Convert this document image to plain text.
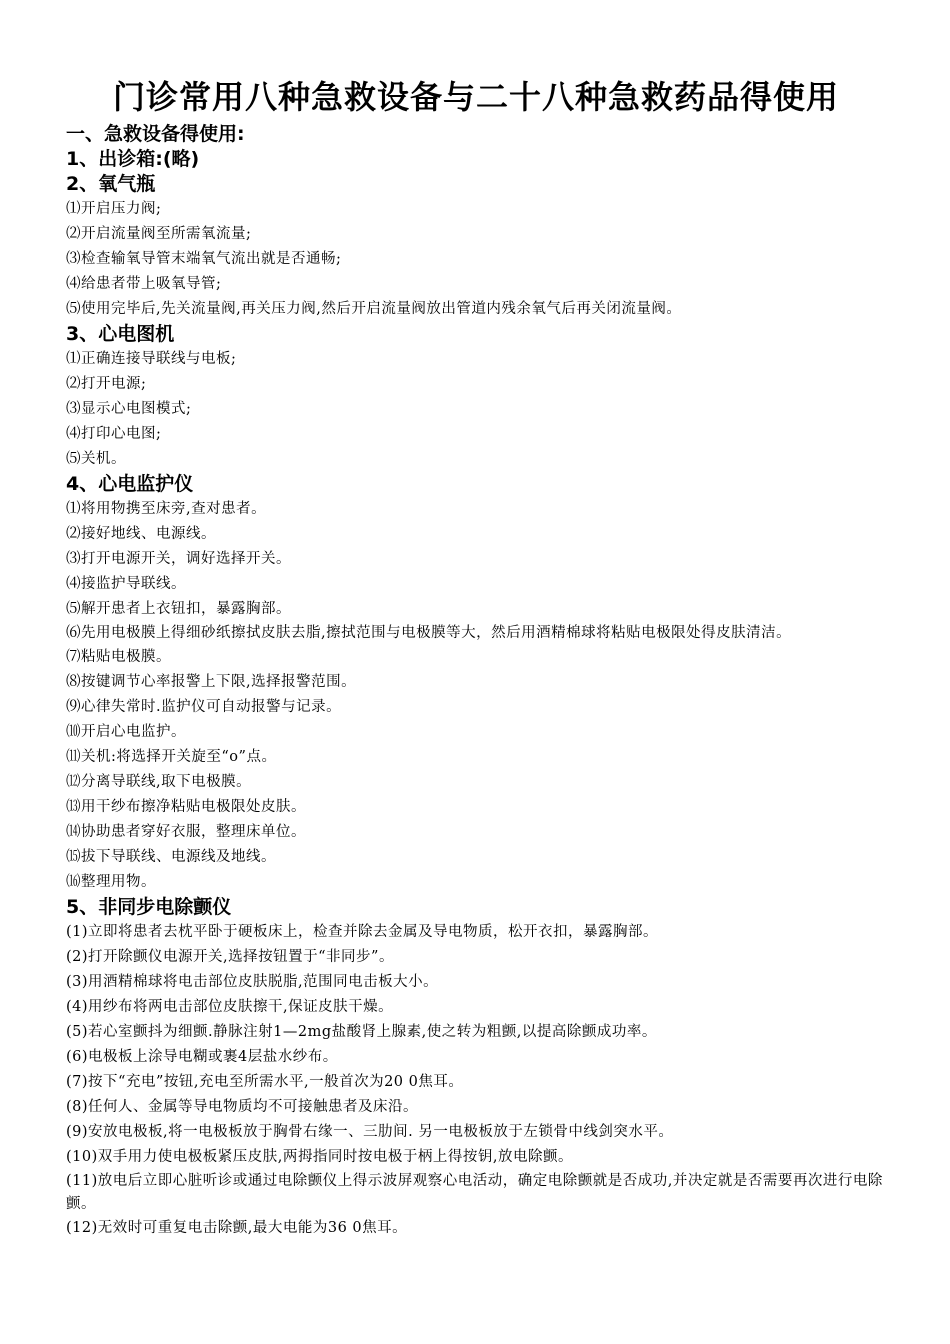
门诊常用八种急救设备与二十八种急救药品得使用
一、急救设备得使用:
1、出诊箱:(略)
2、氧气瓶
⑴开启压力阀;
⑵开启流量阀至所需氧流量;
⑶检查输氧导管末端氧气流出就是否通畅;
⑷给患者带上吸氧导管;
⑸使用完毕后,先关流量阀,再关压力阀,然后开启流量阀放出管道内残余氧气后再关闭流量阀。
3、心电图机
⑴正确连接导联线与电板;
⑵打开电源;
⑶显示心电图模式;
⑷打印心电图;
⑸关机。
4、心电监护仪
⑴将用物携至床旁,查对患者。
⑵接好地线、电源线。
⑶打开电源开关，调好选择开关。
⑷接监护导联线。
⑸解开患者上衣钮扣，暴露胸部。
⑹先用电极膜上得细砂纸擦拭皮肤去脂,擦拭范围与电极膜等大，然后用酒精棉球将粘贴电极限处得皮肤清洁。
⑺粘贴电极膜。
⑻按键调节心率报警上下限,选择报警范围。
⑼心律失常时.监护仪可自动报警与记录。
⑽开启心电监护。
⑾关机:将选择开关旋至“o”点。
⑿分离导联线,取下电极膜。
⒀用干纱布擦净粘贴电极限处皮肤。
⒁协助患者穿好衣服，整理床单位。
⒂拔下导联线、电源线及地线。
⒃整理用物。
5、非同步电除颤仪
(1)立即将患者去枕平卧于硬板床上，检查并除去金属及导电物质，松开衣扣，暴露胸部。
(2)打开除颤仪电源开关,选择按钮置于“非同步”。
(3)用酒精棉球将电击部位皮肤脱脂,范围同电击板大小。
(4)用纱布将两电击部位皮肤擦干,保证皮肤干燥。
(5)若心室颤抖为细颤.静脉注射1—2mg盐酸肾上腺素,使之转为粗颤,以提高除颤成功率。
(6)电极板上涂导电糊或裹4层盐水纱布。
(7)按下“充电”按钮,充电至所需水平,一般首次为20 0焦耳。
(8)任何人、金属等导电物质均不可接触患者及床沿。
(9)安放电极板,将一电极板放于胸骨右缘一、三肋间. 另一电极板放于左锁骨中线剑突水平。
(10)双手用力使电极板紧压皮肤,两拇指同时按电极于柄上得按钥,放电除颤。
(11)放电后立即心脏听诊或通过电除颤仪上得示波屏观察心电活动，确定电除颤就是否成功,并决定就是否需要再次进行电除颤。
(12)无效时可重复电击除颤,最大电能为36 0焦耳。
